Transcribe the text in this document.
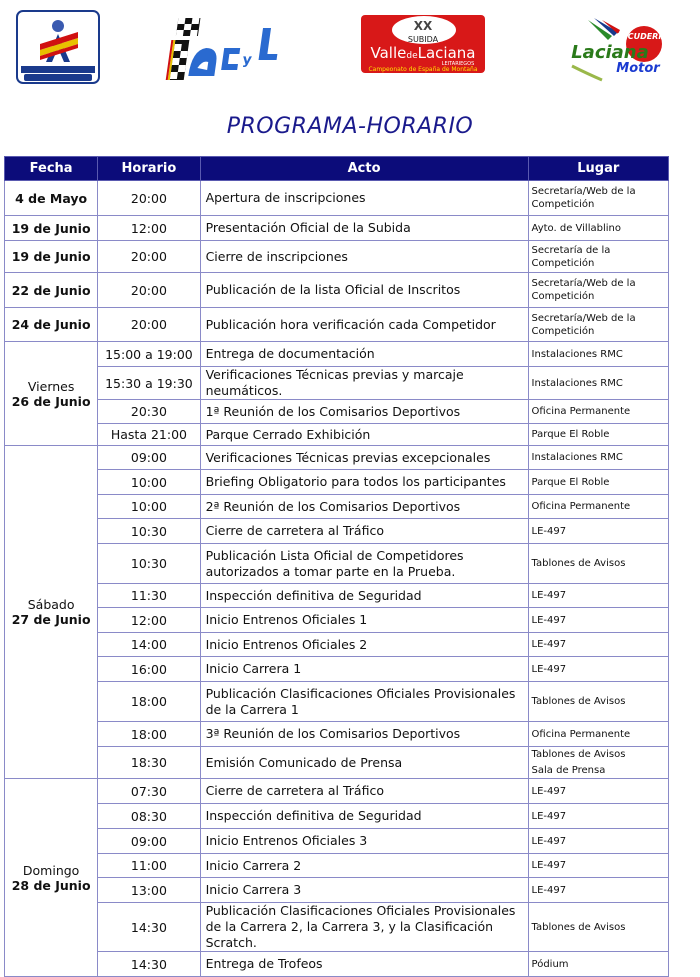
y
XX
SUBIDA
ValledeLaciana
LEITARIEGOS
Campeonato de España de Montaña
ESCUDERIA
Laciana
Motor
PROGRAMA-HORARIO
Fecha	Horario	Acto	Lugar
4 de Mayo	20:00	Apertura de inscripciones	Secretaría/Web de la Competición
19 de Junio	12:00	Presentación Oficial de la Subida	Ayto. de Villablino
19 de Junio	20:00	Cierre de inscripciones	Secretaría de la Competición
22 de Junio	20:00	Publicación de la lista Oficial de Inscritos	Secretaría/Web de la Competición
24 de Junio	20:00	Publicación hora verificación cada Competidor	Secretaría/Web de la Competición

Viernes
26 de Junio	15:00 a 19:00	Entrega de documentación	Instalaciones RMC

	15:30 a 19:30	Verificaciones Técnicas previas y marcaje neumáticos.	Instalaciones RMC

	20:30	1ª Reunión de los Comisarios Deportivos	Oficina Permanente

	Hasta 21:00	Parque Cerrado Exhibición	Parque El Roble

Sábado
27 de Junio	09:00	Verificaciones Técnicas previas excepcionales	Instalaciones RMC

	10:00	Briefing Obligatorio para todos los participantes	Parque El Roble

	10:00	2ª Reunión de los Comisarios Deportivos	Oficina Permanente

	10:30	Cierre de carretera al Tráfico	LE-497

	10:30	Publicación Lista Oficial de Competidores autorizados a tomar parte en la Prueba.	Tablones de Avisos

	11:30	Inspección definitiva de Seguridad	LE-497

	12:00	Inicio Entrenos Oficiales 1	LE-497

	14:00	Inicio Entrenos Oficiales 2	LE-497

	16:00	Inicio Carrera 1	LE-497

	18:00	Publicación Clasificaciones Oficiales Provisionales de la Carrera 1	Tablones de Avisos

	18:00	3ª Reunión de los Comisarios Deportivos	Oficina Permanente

	18:30	Emisión Comunicado de Prensa	Tablones de Avisos
Sala de Prensa

Domingo
28 de Junio	07:30	Cierre de carretera al Tráfico	LE-497

	08:30	Inspección definitiva de Seguridad	LE-497

	09:00	Inicio Entrenos Oficiales 3	LE-497

	11:00	Inicio Carrera 2	LE-497

	13:00	Inicio Carrera 3	LE-497

	14:30	Publicación Clasificaciones Oficiales Provisionales de la Carrera 2, la Carrera 3, y la Clasificación Scratch.	Tablones de Avisos

	14:30	Entrega de Trofeos	Pódium
